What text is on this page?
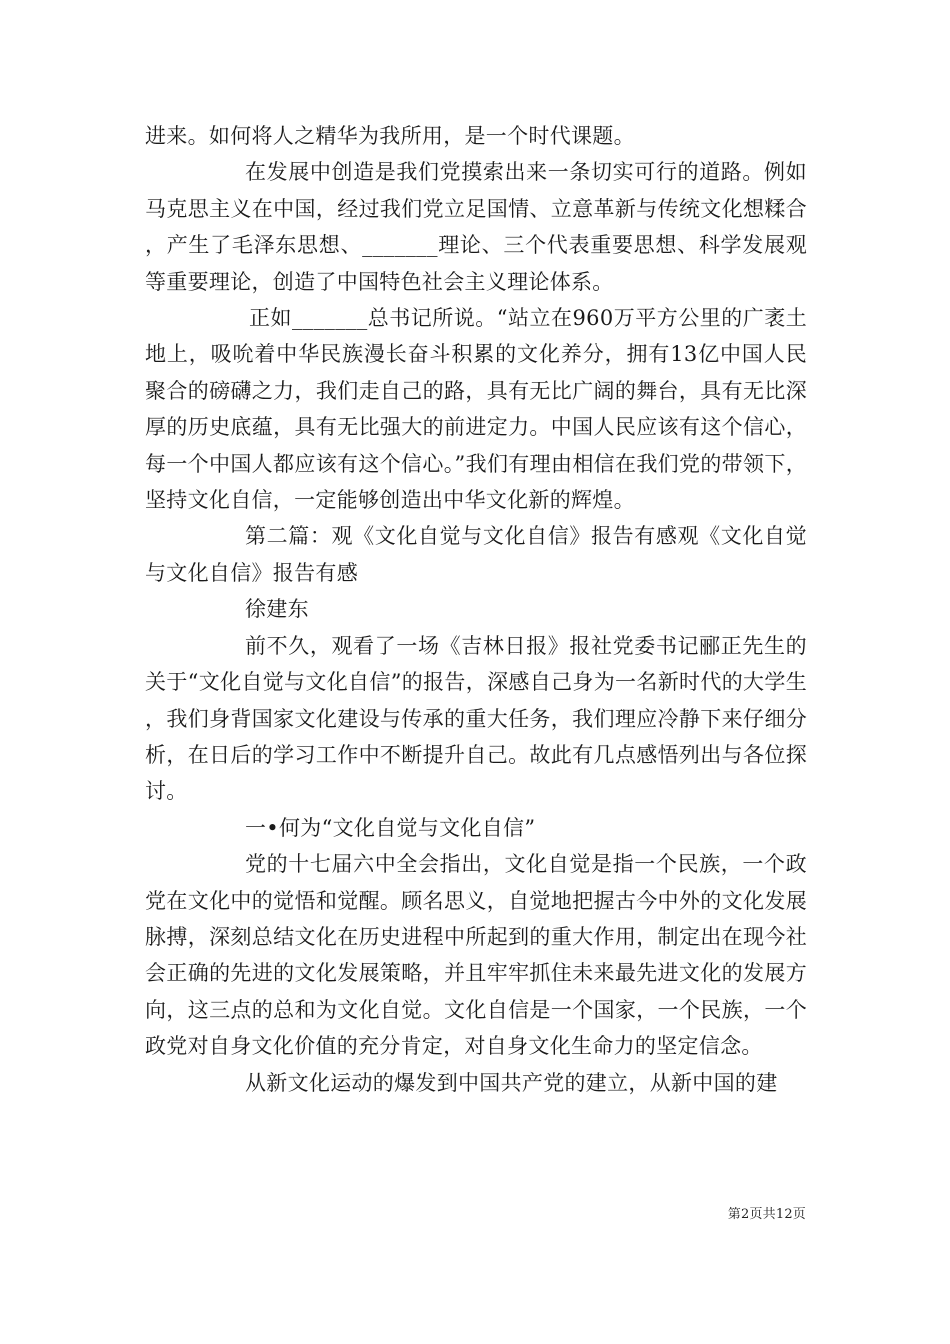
进来。如何将人之精华为我所用，是一个时代课题。

在发展中创造是我们党摸索出来一条切实可行的道路。例如马克思主义在中国，经过我们党立足国情、立意革新与传统文化想糅合，产生了毛泽东思想、_______理论、三个代表重要思想、科学发展观等重要理论，创造了中国特色社会主义理论体系。

正如_______总书记所说。“站立在960万平方公里的广袤土地上，吸吮着中华民族漫长奋斗积累的文化养分，拥有13亿中国人民聚合的磅礴之力，我们走自己的路，具有无比广阔的舞台，具有无比深厚的历史底蕴，具有无比强大的前进定力。中国人民应该有这个信心，每一个中国人都应该有这个信心。”我们有理由相信在我们党的带领下，坚持文化自信，一定能够创造出中华文化新的辉煌。

第二篇：观《文化自觉与文化自信》报告有感观《文化自觉与文化自信》报告有感

徐建东

前不久，观看了一场《吉林日报》报社党委书记郦正先生的关于“文化自觉与文化自信”的报告，深感自己身为一名新时代的大学生，我们身背国家文化建设与传承的重大任务，我们理应冷静下来仔细分析，在日后的学习工作中不断提升自己。故此有几点感悟列出与各位探讨。

一•何为“文化自觉与文化自信”

党的十七届六中全会指出，文化自觉是指一个民族，一个政党在文化中的觉悟和觉醒。顾名思义，自觉地把握古今中外的文化发展脉搏，深刻总结文化在历史进程中所起到的重大作用，制定出在现今社会正确的先进的文化发展策略，并且牢牢抓住未来最先进文化的发展方向，这三点的总和为文化自觉。文化自信是一个国家，一个民族，一个政党对自身文化价值的充分肯定，对自身文化生命力的坚定信念。

从新文化运动的爆发到中国共产党的建立，从新中国的建

第2页共12页
